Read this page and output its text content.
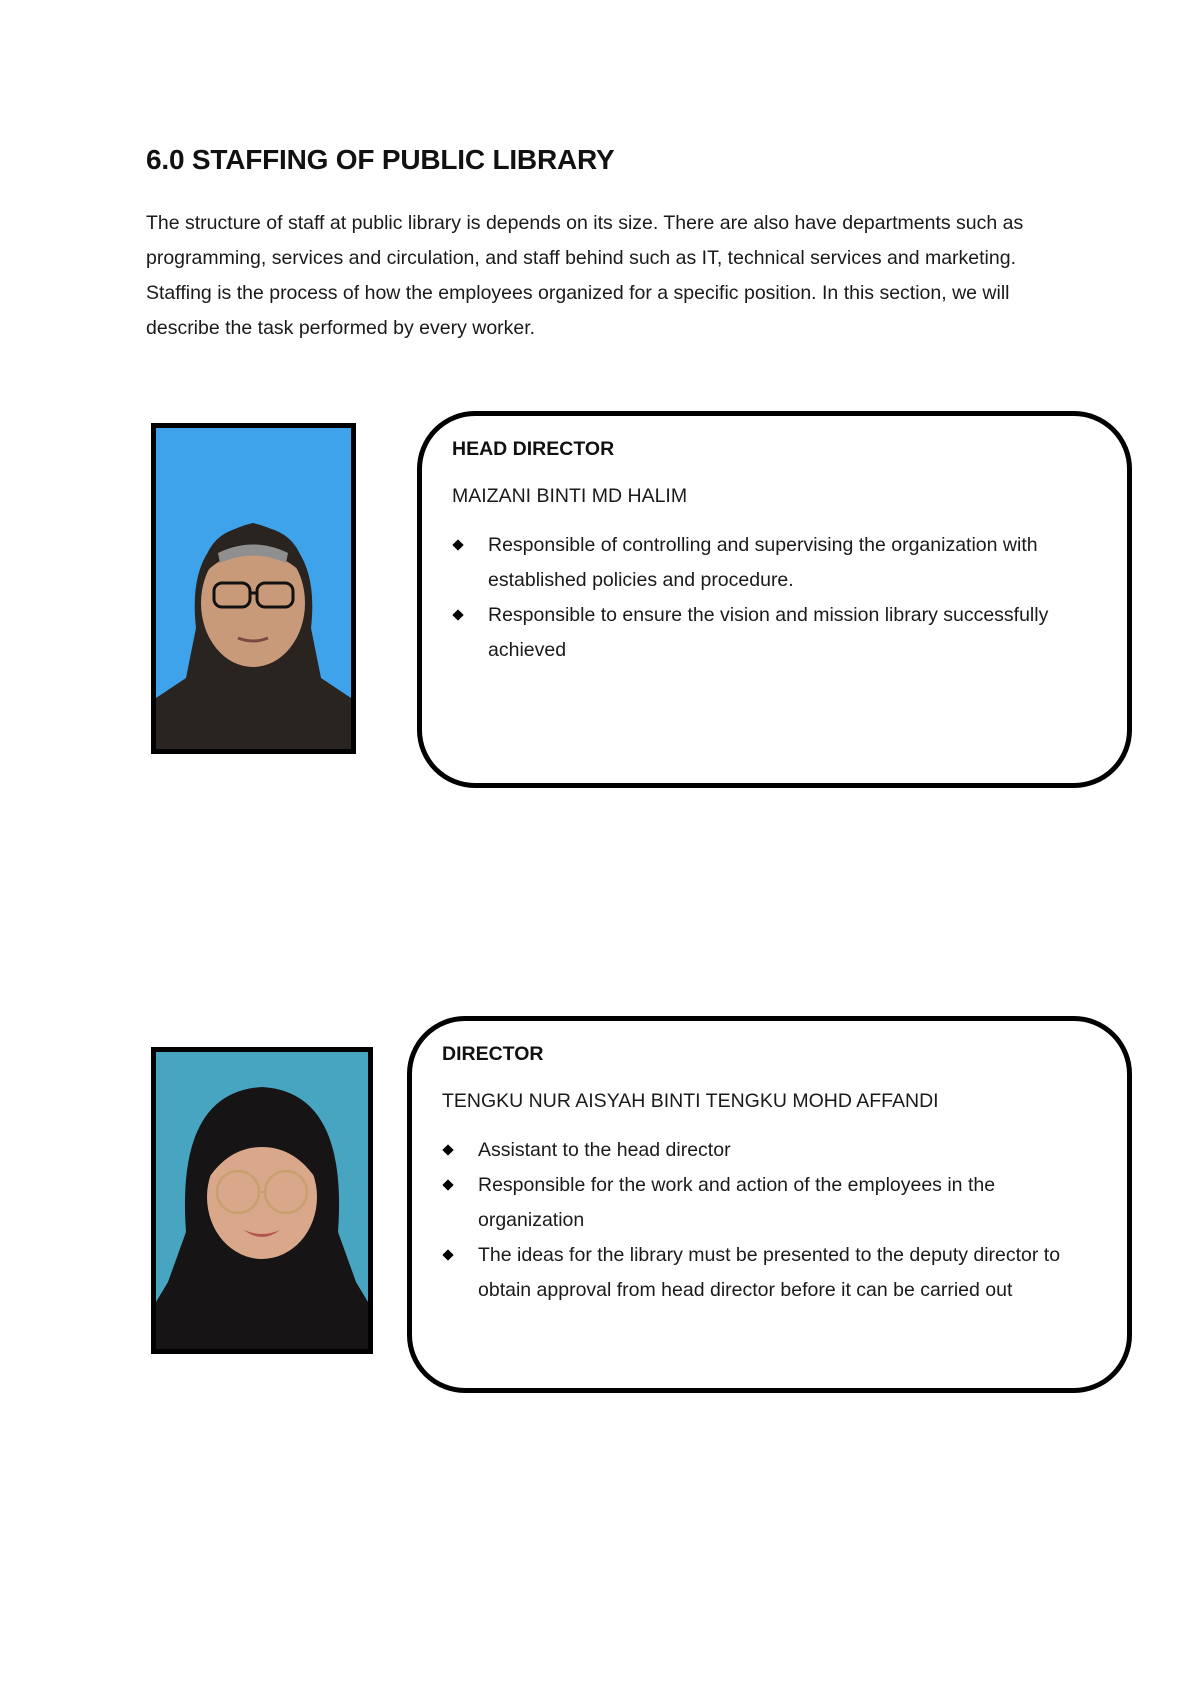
6.0 STAFFING OF PUBLIC LIBRARY

The structure of staff at public library is depends on its size. There are also have departments such as programming, services and circulation, and staff behind such as IT, technical services and marketing. Staffing is the process of how the employees organized for a specific position. In this section, we will describe the task performed by every worker.

HEAD DIRECTOR

MAIZANI BINTI MD HALIM

Responsible of controlling and supervising the organization with established policies and procedure.
Responsible to ensure the vision and mission library successfully achieved

DIRECTOR

TENGKU NUR AISYAH BINTI TENGKU MOHD AFFANDI

Assistant to the head director
Responsible for the work and action of the employees in the organization
The ideas for the library must be presented to the deputy director to obtain approval from head director before it can be carried out
